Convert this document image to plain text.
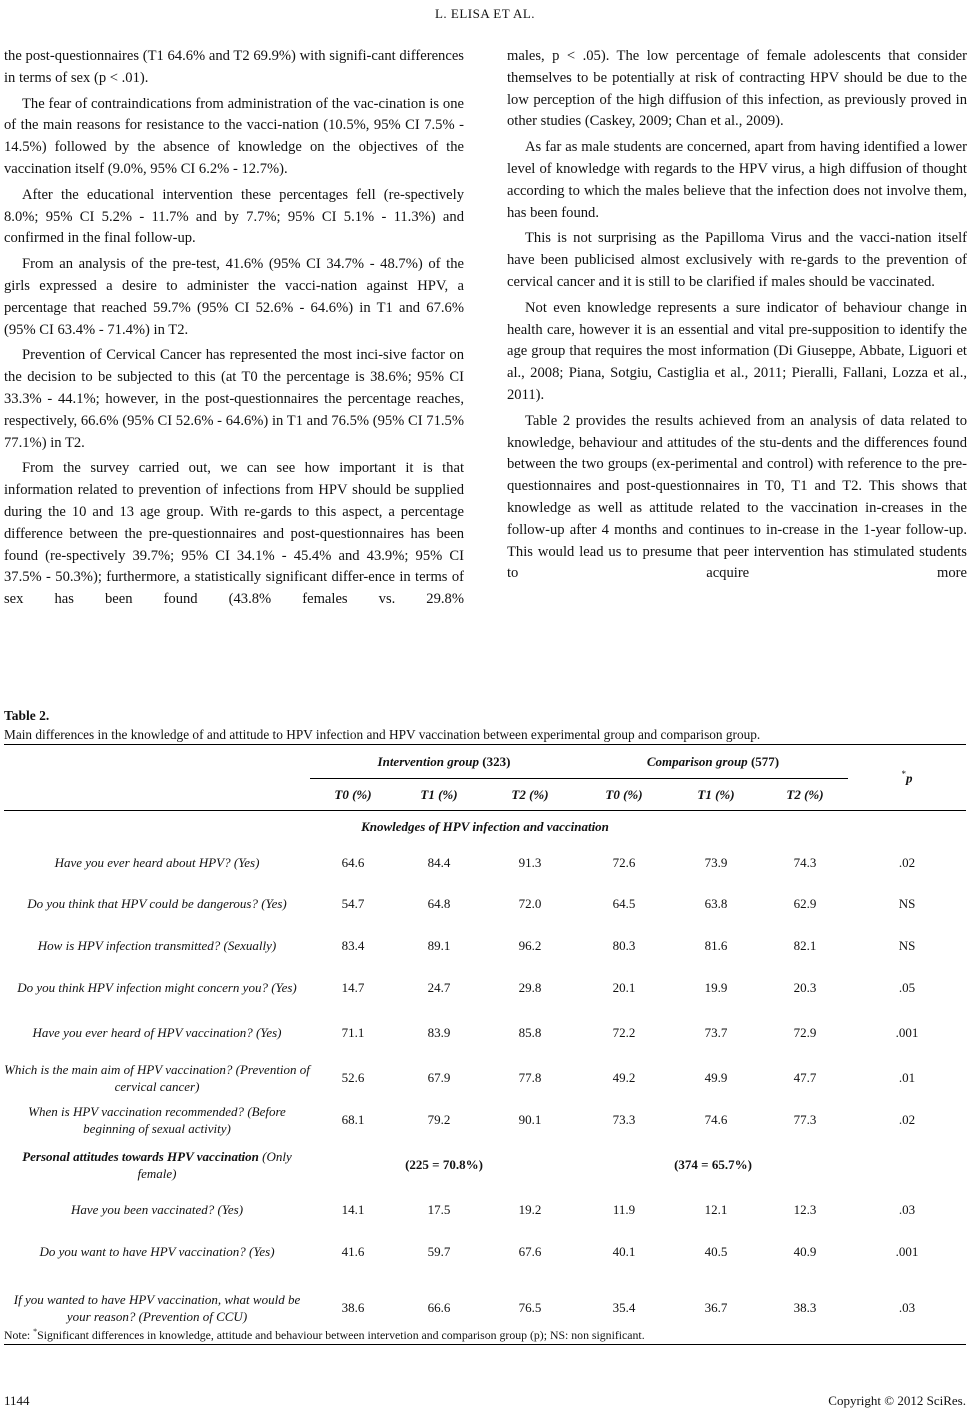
L. ELISA ET AL.

the post-questionnaires (T1 64.6% and T2 69.9%) with signifi-cant differences in terms of sex (p < .01).

The fear of contraindications from administration of the vac-cination is one of the main reasons for resistance to the vacci-nation (10.5%, 95% CI 7.5% - 14.5%) followed by the absence of knowledge on the objectives of the vaccination itself (9.0%, 95% CI 6.2% - 12.7%).

After the educational intervention these percentages fell (re-spectively 8.0%; 95% CI 5.2% - 11.7% and by 7.7%; 95% CI 5.1% - 11.3%) and confirmed in the final follow-up.

From an analysis of the pre-test, 41.6% (95% CI 34.7% - 48.7%) of the girls expressed a desire to administer the vacci-nation against HPV, a percentage that reached 59.7% (95% CI 52.6% - 64.6%) in T1 and 67.6% (95% CI 63.4% - 71.4%) in T2.

Prevention of Cervical Cancer has represented the most inci-sive factor on the decision to be subjected to this (at T0 the percentage is 38.6%; 95% CI 33.3% - 44.1%; however, in the post-questionnaires the percentage reaches, respectively, 66.6% (95% CI 52.6% - 64.6%) in T1 and 76.5% (95% CI 71.5% 77.1%) in T2.

From the survey carried out, we can see how important it is that information related to prevention of infections from HPV should be supplied during the 10 and 13 age group. With re-gards to this aspect, a percentage difference between the pre-questionnaires and post-questionnaires has been found (re-spectively 39.7%; 95% CI 34.1% - 45.4% and 43.9%; 95% CI 37.5% - 50.3%); furthermore, a statistically significant differ-ence in terms of sex has been found (43.8% females vs. 29.8%

males, p < .05). The low percentage of female adolescents that consider themselves to be potentially at risk of contracting HPV should be due to the low perception of the high diffusion of this infection, as previously proved in other studies (Caskey, 2009; Chan et al., 2009).

As far as male students are concerned, apart from having identified a lower level of knowledge with regards to the HPV virus, a high diffusion of thought according to which the males believe that the infection does not involve them, has been found.

This is not surprising as the Papilloma Virus and the vacci-nation itself have been publicised almost exclusively with re-gards to the prevention of cervical cancer and it is still to be clarified if males should be vaccinated.

Not even knowledge represents a sure indicator of behaviour change in health care, however it is an essential and vital pre-supposition to identify the age group that requires the most information (Di Giuseppe, Abbate, Liguori et al., 2008; Piana, Sotgiu, Castiglia et al., 2011; Pieralli, Fallani, Lozza et al., 2011).

Table 2 provides the results achieved from an analysis of data related to knowledge, behaviour and attitudes of the stu-dents and the differences found between the two groups (ex-perimental and control) with reference to the pre-questionnaires and post-questionnaires in T0, T1 and T2. This shows that knowledge as well as attitude related to the vaccination in-creases in the follow-up after 4 months and continues to in-crease in the 1-year follow-up. This would lead us to presume that peer intervention has stimulated students to acquire more

Table 2.
Main differences in the knowledge of and attitude to HPV infection and HPV vaccination between experimental group and comparison group.
	Intervention group (323)			Comparison group (577)			*p
	T0 (%)	T1 (%)	T2 (%)	T0 (%)	T1 (%)	T2 (%)	
Knowledges of HPV infection and vaccination							
Have you ever heard about HPV? (Yes)	64.6	84.4	91.3	72.6	73.9	74.3	.02
Do you think that HPV could be dangerous? (Yes)	54.7	64.8	72.0	64.5	63.8	62.9	NS
How is HPV infection transmitted? (Sexually)	83.4	89.1	96.2	80.3	81.6	82.1	NS
Do you think HPV infection might concern you? (Yes)	14.7	24.7	29.8	20.1	19.9	20.3	.05
Have you ever heard of HPV vaccination? (Yes)	71.1	83.9	85.8	72.2	73.7	72.9	.001
Which is the main aim of HPV vaccination? (Prevention of cervical cancer)	52.6	67.9	77.8	49.2	49.9	47.7	.01
When is HPV vaccination recommended? (Before beginning of sexual activity)	68.1	79.2	90.1	73.3	74.6	77.3	.02
Personal attitudes towards HPV vaccination (Only female)	(225 = 70.8%)			(374 = 65.7%)			
Have you been vaccinated? (Yes)	14.1	17.5	19.2	11.9	12.1	12.3	.03
Do you want to have HPV vaccination? (Yes)	41.6	59.7	67.6	40.1	40.5	40.9	.001
If you wanted to have HPV vaccination, what would be your reason? (Prevention of CCU)	38.6	66.6	76.5	35.4	36.7	38.3	.03
Note: *Significant differences in knowledge, attitude and behaviour between intervetion and comparison group (p); NS: non significant.
1144	Copyright © 2012 SciRes.
